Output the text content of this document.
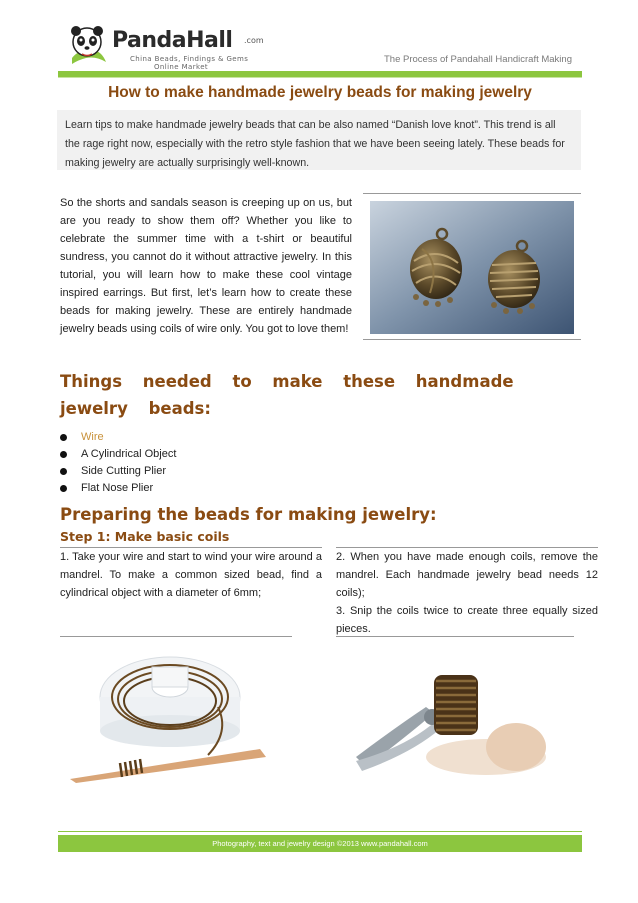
PandaHall .com
China Beads, Findings & Gems
Online Market
The Process of Pandahall Handicraft Making
How to make handmade jewelry beads for making jewelry
Learn tips to make handmade jewelry beads that can be also named “Danish love knot”. This trend is all the rage right now, especially with the retro style fashion that we have been seeing lately. These beads for making jewelry are actually surprisingly well-known.

So the shorts and sandals season is creeping up on us, but are you ready to show them off? Whether you like to celebrate the summer time with a t-shirt or beautiful sundress, you cannot do it without attractive jewelry. In this tutorial, you will learn how to make these cool vintage inspired earrings. But first, let’s learn how to create these beads for making jewelry. These are entirely handmade jewelry beads using coils of wire only. You got to love them!

Things needed to make these handmade jewelry beads:
Wire
A Cylindrical Object
Side Cutting Plier
Flat Nose Plier
Preparing the beads for making jewelry:
Step 1: Make basic coils

1. Take your wire and start to wind your wire around a mandrel. To make a common sized bead, find a cylindrical object with a diameter of 6mm;

2. When you have made enough coils, remove the mandrel. Each handmade jewelry bead needs 12 coils);

3. Snip the coils twice to create three equally sized pieces.

Photography, text and jewelry design ©2013 www.pandahall.com
